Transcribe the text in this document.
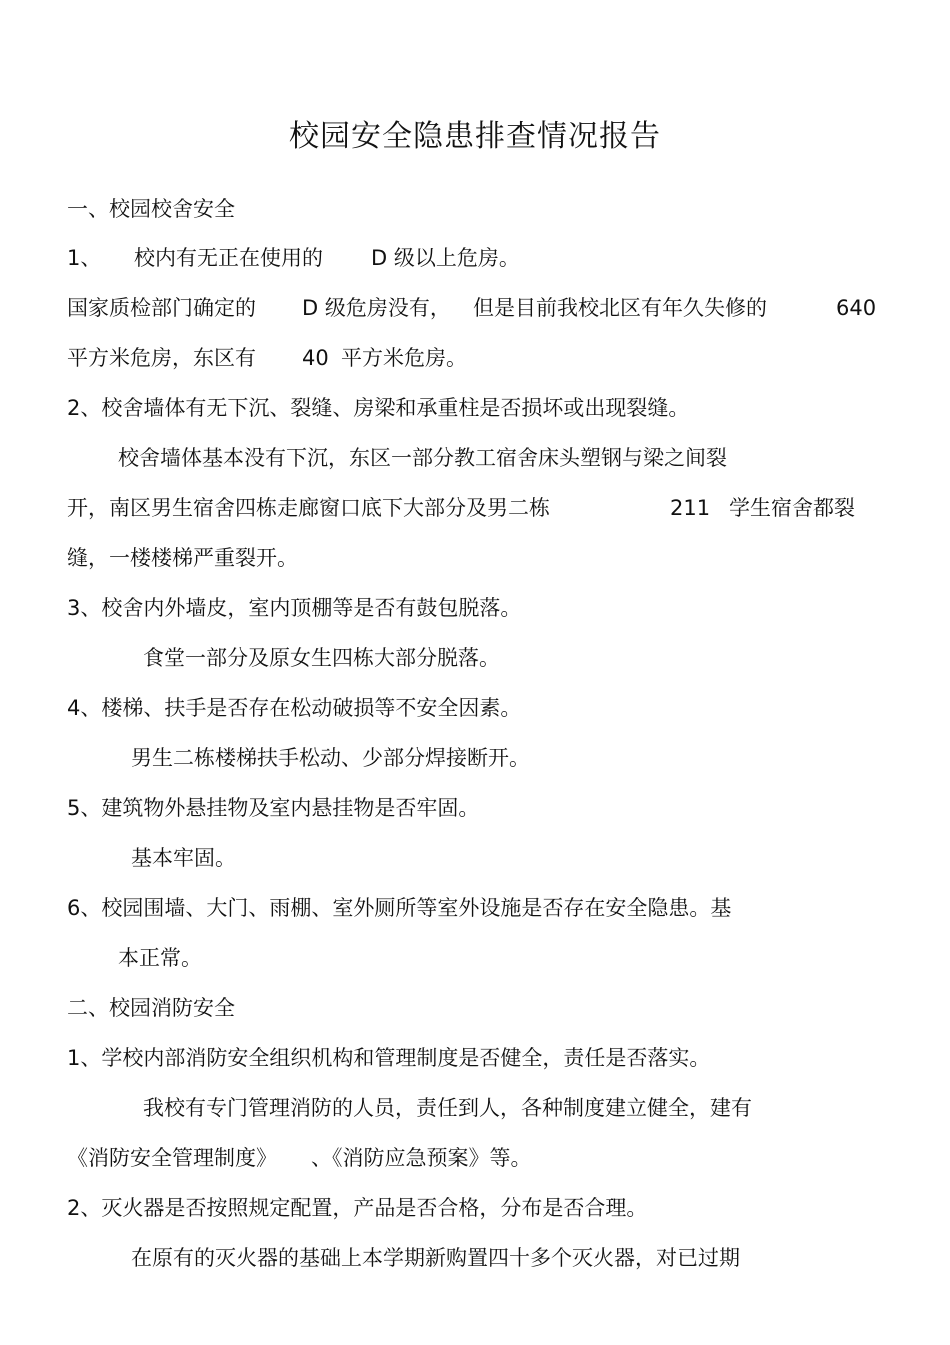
校园安全隐患排查情况报告
一、校园校舍安全
1、 校内有无正在使用的 D 级以上危房。
国家质检部门确定的 D 级危房没有， 但是目前我校北区有年久失修的	640
平方米危房，东区有 40 平方米危房。
2、校舍墙体有无下沉、裂缝、房梁和承重柱是否损坏或出现裂缝。
校舍墙体基本没有下沉，东区一部分教工宿舍床头塑钢与梁之间裂
开，南区男生宿舍四栋走廊窗口底下大部分及男二栋	211 学生宿舍都裂
缝，一楼楼梯严重裂开。
3、校舍内外墙皮，室内顶棚等是否有鼓包脱落。
食堂一部分及原女生四栋大部分脱落。
4、楼梯、扶手是否存在松动破损等不安全因素。
男生二栋楼梯扶手松动、少部分焊接断开。
5、建筑物外悬挂物及室内悬挂物是否牢固。
基本牢固。
6、校园围墙、大门、雨棚、室外厕所等室外设施是否存在安全隐患。基
本正常。
二、校园消防安全
1、学校内部消防安全组织机构和管理制度是否健全，责任是否落实。
我校有专门管理消防的人员，责任到人，各种制度建立健全，建有
《消防安全管理制度》 、《消防应急预案》等。
2、灭火器是否按照规定配置，产品是否合格，分布是否合理。
在原有的灭火器的基础上本学期新购置四十多个灭火器，对已过期
